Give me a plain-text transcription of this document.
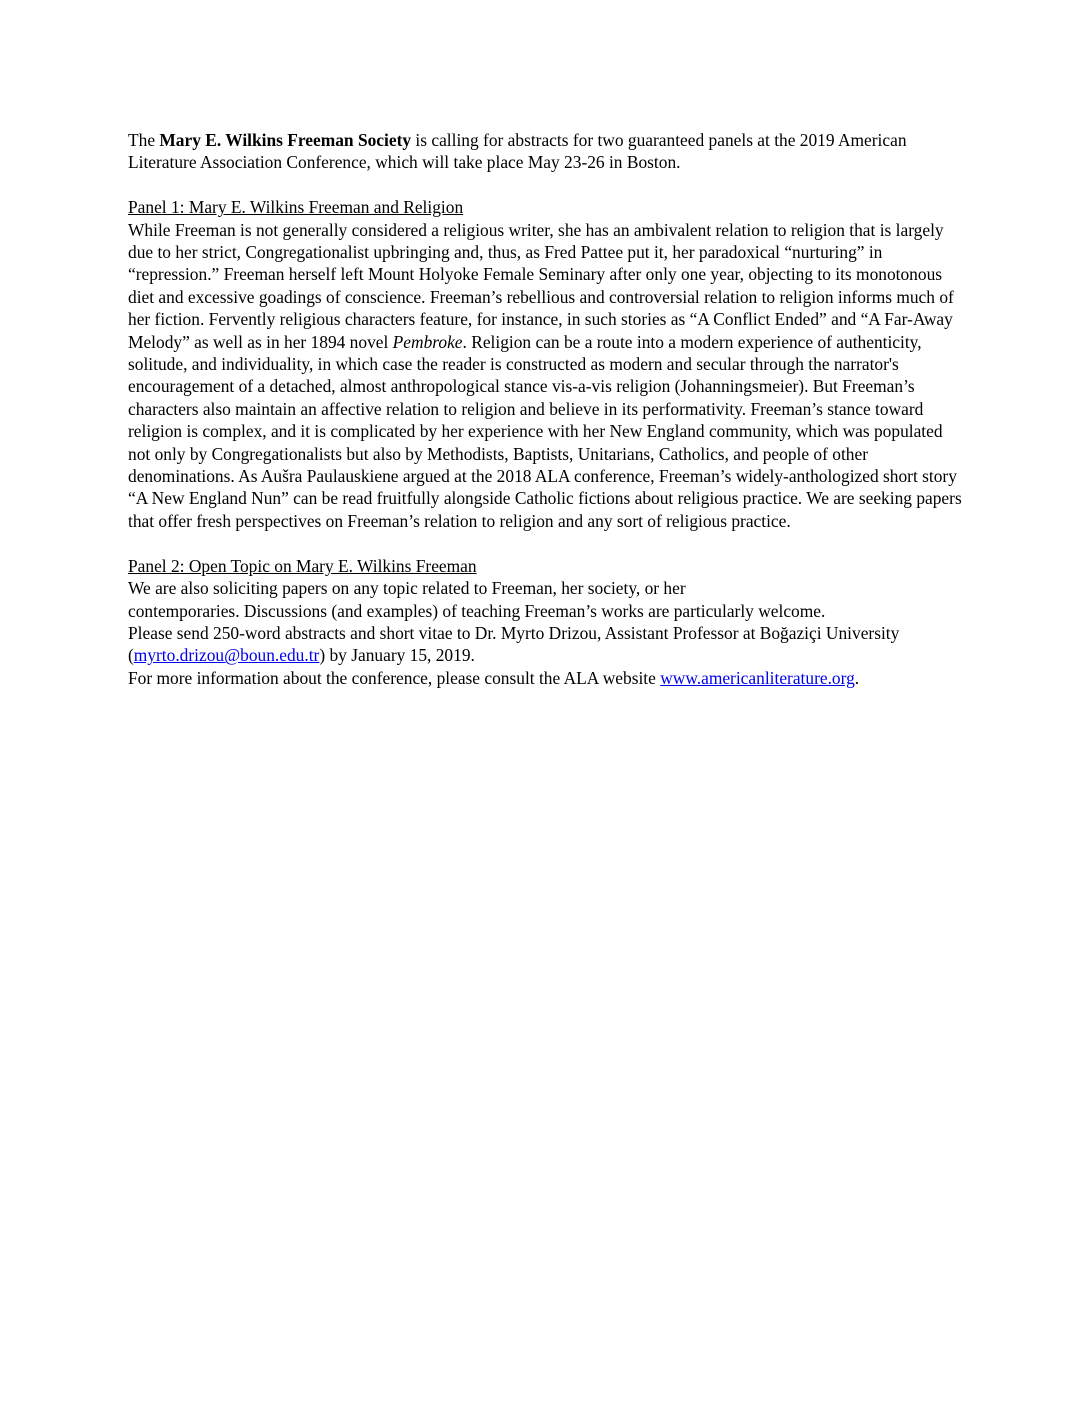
The Mary E. Wilkins Freeman Society is calling for abstracts for two guaranteed panels at the 2019 American Literature Association Conference, which will take place May 23-26 in Boston.

Panel 1: Mary E. Wilkins Freeman and Religion

While Freeman is not generally considered a religious writer, she has an ambivalent relation to religion that is largely due to her strict, Congregationalist upbringing and, thus, as Fred Pattee put it, her paradoxical “nurturing” in “repression.” Freeman herself left Mount Holyoke Female Seminary after only one year, objecting to its monotonous diet and excessive goadings of conscience. Freeman’s rebellious and controversial relation to religion informs much of her fiction. Fervently religious characters feature, for instance, in such stories as “A Conflict Ended” and “A Far-Away Melody” as well as in her 1894 novel Pembroke. Religion can be a route into a modern experience of authenticity, solitude, and individuality, in which case the reader is constructed as modern and secular through the narrator's encouragement of a detached, almost anthropological stance vis-a-vis religion (Johanningsmeier). But Freeman’s characters also maintain an affective relation to religion and believe in its performativity. Freeman’s stance toward religion is complex, and it is complicated by her experience with her New England community, which was populated not only by Congregationalists but also by Methodists, Baptists, Unitarians, Catholics, and people of other denominations. As Aušra Paulauskiene argued at the 2018 ALA conference, Freeman’s widely-anthologized short story “A New England Nun” can be read fruitfully alongside Catholic fictions about religious practice. We are seeking papers that offer fresh perspectives on Freeman’s relation to religion and any sort of religious practice.

Panel 2: Open Topic on Mary E. Wilkins Freeman
We are also soliciting papers on any topic related to Freeman, her society, or her
contemporaries. Discussions (and examples) of teaching Freeman’s works are particularly welcome.

Please send 250-word abstracts and short vitae to Dr. Myrto Drizou, Assistant Professor at Boğaziçi University (myrto.drizou@boun.edu.tr) by January 15, 2019.

For more information about the conference, please consult the ALA website www.americanliterature.org.
